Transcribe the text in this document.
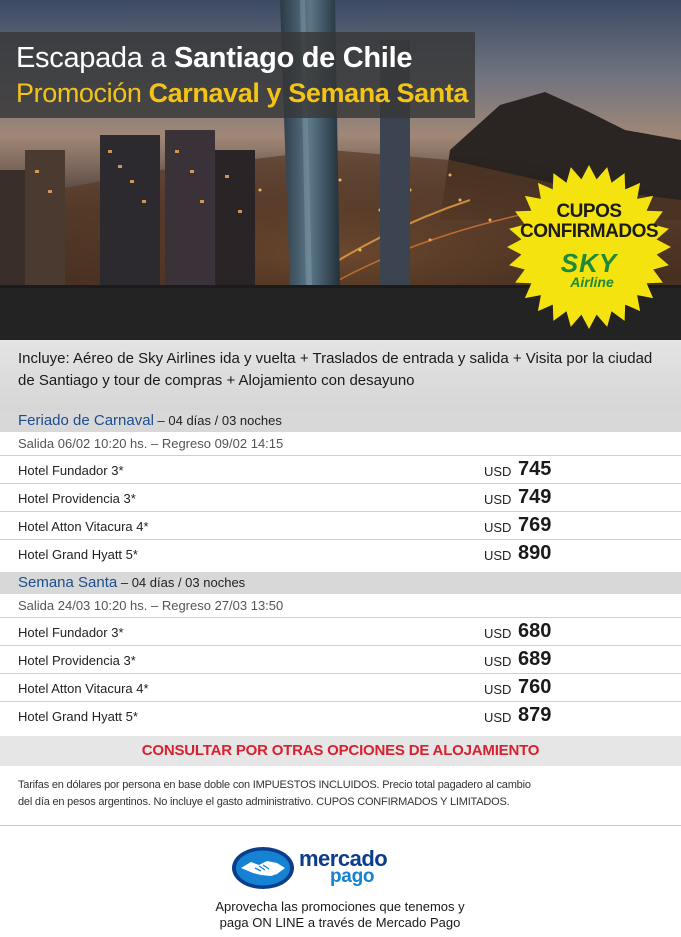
Escapada a Santiago de Chile
Promoción Carnaval y Semana Santa
CUPOS
CONFIRMADOS
SKY
Airline
Incluye: Aéreo de Sky Airlines ida y vuelta + Traslados de entrada y salida + Visita por la ciudad de Santiago y tour de compras + Alojamiento con desayuno
Feriado de Carnaval – 04 días / 03 noches
Salida 06/02 10:20 hs. – Regreso 09/02 14:15
Hotel Fundador 3*	USD 745
Hotel Providencia 3*	USD 749
Hotel Atton Vitacura 4*	USD 769
Hotel Grand Hyatt 5*	USD 890
Semana Santa – 04 días / 03 noches
Salida 24/03 10:20 hs. – Regreso 27/03 13:50
Hotel Fundador 3*	USD 680
Hotel Providencia 3*	USD 689
Hotel Atton Vitacura 4*	USD 760
Hotel Grand Hyatt 5*	USD 879
CONSULTAR POR OTRAS OPCIONES DE ALOJAMIENTO
Tarifas en dólares por persona en base doble con IMPUESTOS INCLUIDOS. Precio total pagadero al cambio
del día en pesos argentinos. No incluye el gasto administrativo. CUPOS CONFIRMADOS Y LIMITADOS.
mercado
pago
Aprovecha las promociones que tenemos y
paga ON LINE a través de Mercado Pago
